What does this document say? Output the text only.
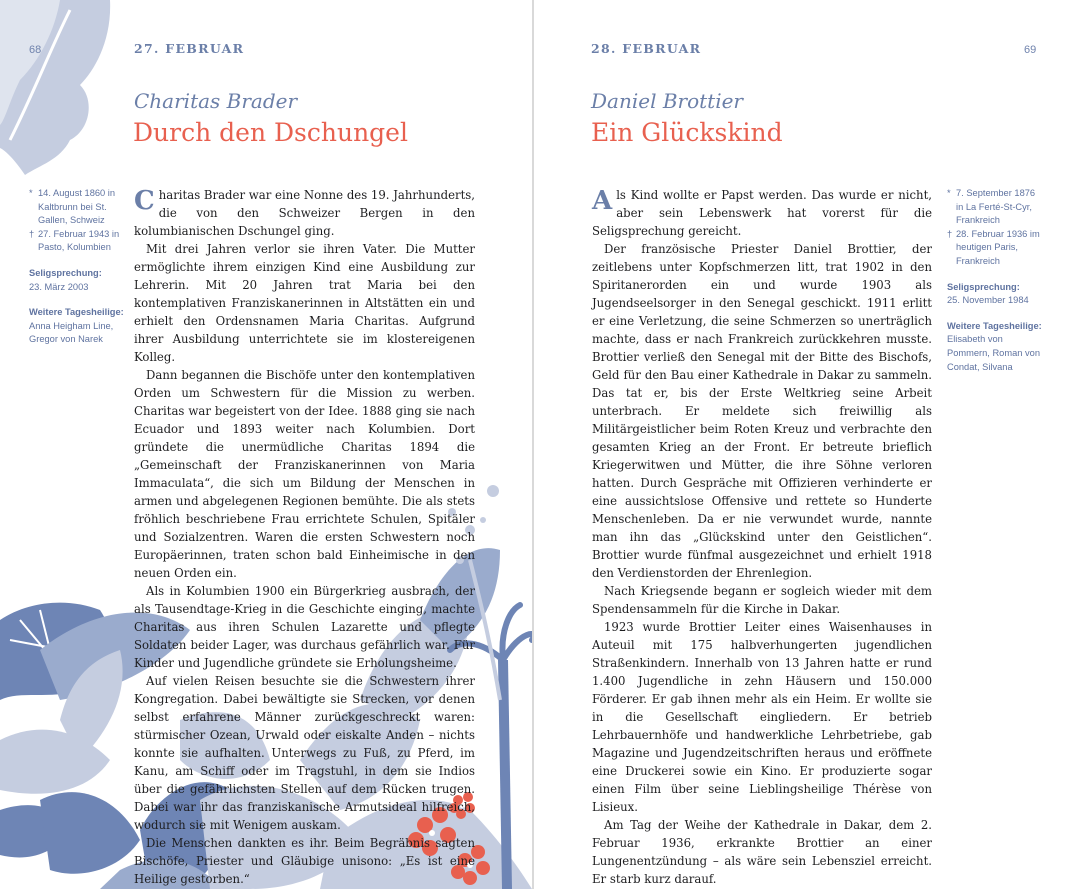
68	27. FEBRUAR
Charitas Brader
Durch den Dschungel
* 14. August 1860 in Kaltbrunn bei St. Gallen, Schweiz
† 27. Februar 1943 in Pasto, Kolumbien
Seligsprechung:
23. März 2003
Weitere Tagesheilige:
Anna Heigham Line, Gregor von Narek

Charitas Brader war eine Nonne des 19. Jahrhunderts, die von den Schweizer Bergen in den kolumbianischen Dschungel ging.

Mit drei Jahren verlor sie ihren Vater. Die Mutter ermöglichte ihrem einzigen Kind eine Ausbildung zur Lehrerin. Mit 20 Jahren trat Maria bei den kontemplativen Franziskanerinnen in Altstätten ein und erhielt den Ordensnamen Maria Charitas. Aufgrund ihrer Ausbildung unterrichtete sie im klostereigenen Kolleg.

Dann begannen die Bischöfe unter den kontemplativen Orden um Schwestern für die Mission zu werben. Charitas war begeistert von der Idee. 1888 ging sie nach Ecuador und 1893 weiter nach Kolumbien. Dort gründete die unermüdliche Charitas 1894 die „Gemeinschaft der Franziskanerinnen von Maria Immaculata“, die sich um Bildung der Menschen in armen und abgelegenen Regionen bemühte. Die als stets fröhlich beschriebene Frau errichtete Schulen, Spitäler und Sozialzentren. Waren die ersten Schwestern noch Europäerinnen, traten schon bald Einheimische in den neuen Orden ein.

Als in Kolumbien 1900 ein Bürgerkrieg ausbrach, der als Tausendtage-Krieg in die Geschichte einging, machte Charitas aus ihren Schulen Lazarette und pflegte Soldaten beider Lager, was durchaus gefährlich war. Für Kinder und Jugendliche gründete sie Erholungsheime.

Auf vielen Reisen besuchte sie die Schwestern ihrer Kongregation. Dabei bewältigte sie Strecken, vor denen selbst erfahrene Männer zurückgeschreckt waren: stürmischer Ozean, Urwald oder eiskalte Anden – nichts konnte sie aufhalten. Unterwegs zu Fuß, zu Pferd, im Kanu, am Schiff oder im Tragstuhl, in dem sie Indios über die gefährlichsten Stellen auf dem Rücken trugen. Dabei war ihr das franziskanische Armutsideal hilfreich, wodurch sie mit Wenigem auskam.

Die Menschen dankten es ihr. Beim Begräbnis sagten Bischöfe, Priester und Gläubige unisono: „Es ist eine Heilige gestorben.“

28. FEBRUAR	69
Daniel Brottier
Ein Glückskind

Als Kind wollte er Papst werden. Das wurde er nicht, aber sein Lebenswerk hat vorerst für die Seligsprechung gereicht.

Der französische Priester Daniel Brottier, der zeitlebens unter Kopfschmerzen litt, trat 1902 in den Spiritanerorden ein und wurde 1903 als Jugendseelsorger in den Senegal geschickt. 1911 erlitt er eine Verletzung, die seine Schmerzen so unerträglich machte, dass er nach Frankreich zurückkehren musste. Brottier verließ den Senegal mit der Bitte des Bischofs, Geld für den Bau einer Kathedrale in Dakar zu sammeln. Das tat er, bis der Erste Weltkrieg seine Arbeit unterbrach. Er meldete sich freiwillig als Militärgeistlicher beim Roten Kreuz und verbrachte den gesamten Krieg an der Front. Er betreute brieflich Kriegerwitwen und Mütter, die ihre Söhne verloren hatten. Durch Gespräche mit Offizieren verhinderte er eine aussichtslose Offensive und rettete so Hunderte Menschenleben. Da er nie verwundet wurde, nannte man ihn das „Glückskind unter den Geistlichen“. Brottier wurde fünfmal ausgezeichnet und erhielt 1918 den Verdienstorden der Ehrenlegion.

Nach Kriegsende begann er sogleich wieder mit dem Spendensammeln für die Kirche in Dakar.

1923 wurde Brottier Leiter eines Waisenhauses in Auteuil mit 175 halbverhungerten jugendlichen Straßenkindern. Innerhalb von 13 Jahren hatte er rund 1.400 Jugendliche in zehn Häusern und 150.000 Förderer. Er gab ihnen mehr als ein Heim. Er wollte sie in die Gesellschaft eingliedern. Er betrieb Lehrbauernhöfe und handwerkliche Lehrbetriebe, gab Magazine und Jugendzeitschriften heraus und eröffnete eine Druckerei sowie ein Kino. Er produzierte sogar einen Film über seine Lieblingsheilige Thérèse von Lisieux.

Am Tag der Weihe der Kathedrale in Dakar, dem 2. Februar 1936, erkrankte Brottier an einer Lungenentzündung – als wäre sein Lebensziel erreicht. Er starb kurz darauf.

* 7. September 1876 in La Ferté-St-Cyr, Frankreich
† 28. Februar 1936 im heutigen Paris, Frankreich
Seligsprechung:
25. November 1984
Weitere Tagesheilige:
Elisabeth von Pommern, Roman von Condat, Silvana
